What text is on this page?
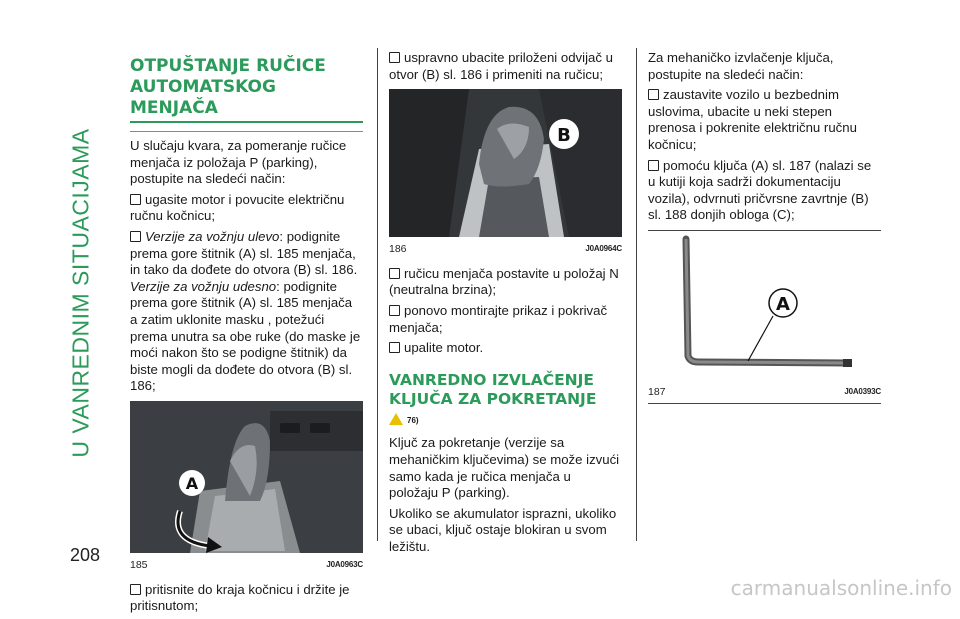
U VANREDNIM SITUACIJAMA
208
OTPUŠTANJE RUČICE
AUTOMATSKOG MENJAČA

U slučaju kvara, za pomeranje ručice menjača iz položaja P (parking), postupite na sledeći način:

ugasite motor i povucite električnu ručnu kočnicu;

Verzije za vožnju ulevo: podignite prema gore štitnik (A) sl. 185 menjača, in tako da dođete do otvora (B) sl. 186.
Verzije za vožnju udesno: podignite prema gore štitnik (A) sl. 185 menjača a zatim uklonite masku , potežući prema unutra sa obe ruke (do maske je moći nakon što se podigne štitnik) da biste mogli da dođete do otvora (B) sl. 186;

A
185	J0A0963C

pritisnite do kraja kočnicu i držite je pritisnutom;

uspravno ubacite priloženi odvijač u otvor (B) sl. 186 i primeniti na ručicu;

B
186	J0A0964C

ručicu menjača postavite u položaj N (neutralna brzina);

ponovo montirajte prikaz i pokrivač menjača;

upalite motor.

VANREDNO IZVLAČENJE
KLJUČA ZA POKRETANJE
76)

Ključ za pokretanje (verzije sa mehaničkim ključevima) se može izvući samo kada je ručica menjača u položaju P (parking).

Ukoliko se akumulator isprazni, ukoliko se ubaci, ključ ostaje blokiran u svom ležištu.

Za mehaničko izvlačenje ključa, postupite na sledeći način:

zaustavite vozilo u bezbednim uslovima, ubacite u neki stepen prenosa i pokrenite električnu ručnu kočnicu;

pomoću ključa (A) sl. 187 (nalazi se u kutiji koja sadrži dokumentaciju vozila), odvrnuti pričvrsne zavrtnje (B) sl. 188 donjih obloga (C);

A
187	J0A0393C
carmanualsonline.info
